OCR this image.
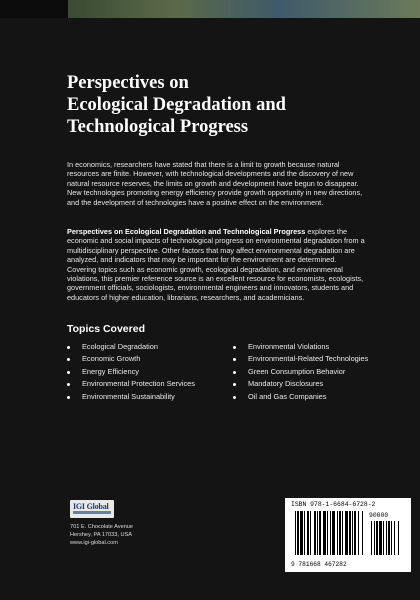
Perspectives on
Ecological Degradation and
Technological Progress

In economics, researchers have stated that there is a limit to growth because natural resources are finite. However, with technological developments and the discovery of new natural resource reserves, the limits on growth and development have begun to disappear. New technologies promoting energy efficiency provide growth opportunity in new directions, and the development of technologies have a positive effect on the environment.

Perspectives on Ecological Degradation and Technological Progress explores the economic and social impacts of technological progress on environmental degradation from a multidisciplinary perspective. Other factors that may affect environmental degradation are analyzed, and indicators that may be important for the environment are determined. Covering topics such as economic growth, ecological degradation, and environmental violations, this premier reference source is an excellent resource for economists, ecologists, government officials, sociologists, environmental engineers and innovators, students and educators of higher education, librarians, researchers, and academicians.

Topics Covered
Ecological Degradation
Economic Growth
Energy Efficiency
Environmental Protection Services
Environmental Sustainability
Environmental Violations
Environmental-Related Technologies
Green Consumption Behavior
Mandatory Disclosures
Oil and Gas Companies
IGI Global

701 E. Chocolate Avenue
Hershey, PA 17033, USA
www.igi-global.com

ISBN 978-1-6684-6728-2
90000
9 781668 467282
